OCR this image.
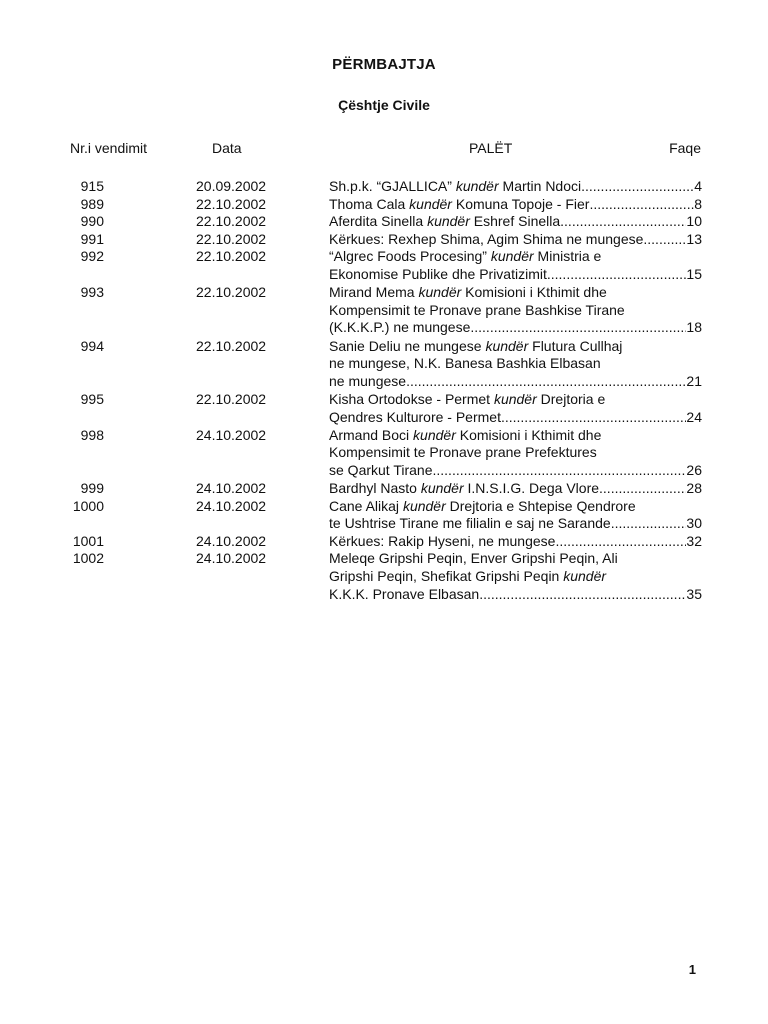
PËRMBAJTJA
Çështje Civile
Nr.i vendimit	Data	PALËT	Faqe
915	20.09.2002	Sh.p.k. “GJALLICA” kundër Martin Ndoci .....	4
989	22.10.2002	Thoma Cala kundër Komuna Topoje - Fier .....	8
990	22.10.2002	Aferdita Sinella kundër Eshref Sinella .....	10
991	22.10.2002	Kërkues: Rexhep Shima, Agim Shima ne mungese .....	13
992	22.10.2002	“Algrec Foods Procesing” kundër Ministria e
Ekonomise Publike dhe Privatizimit .....	15
993	22.10.2002	Mirand Mema kundër Komisioni i Kthimit dhe
Kompensimit te Pronave prane Bashkise Tirane
(K.K.K.P.) ne mungese .....	18
994	22.10.2002	Sanie Deliu ne mungese kundër Flutura Cullhaj
ne mungese, N.K. Banesa Bashkia Elbasan
ne mungese .....	21
995	22.10.2002	Kisha Ortodokse - Permet kundër Drejtoria e
Qendres Kulturore - Permet .....	24
998	24.10.2002	Armand Boci kundër Komisioni i Kthimit dhe
Kompensimit te Pronave prane Prefektures
se Qarkut Tirane .....	26
999	24.10.2002	Bardhyl Nasto kundër I.N.S.I.G. Dega Vlore .....	28
1000	24.10.2002	Cane Alikaj kundër Drejtoria e Shtepise Qendrore
te Ushtrise Tirane me filialin e saj ne Sarande .....	30
1001	24.10.2002	Kërkues: Rakip Hyseni, ne mungese .....	32
1002	24.10.2002	Meleqe Gripshi Peqin, Enver Gripshi Peqin, Ali
Gripshi Peqin, Shefikat Gripshi Peqin kundër
K.K.K. Pronave Elbasan .....	35
1
